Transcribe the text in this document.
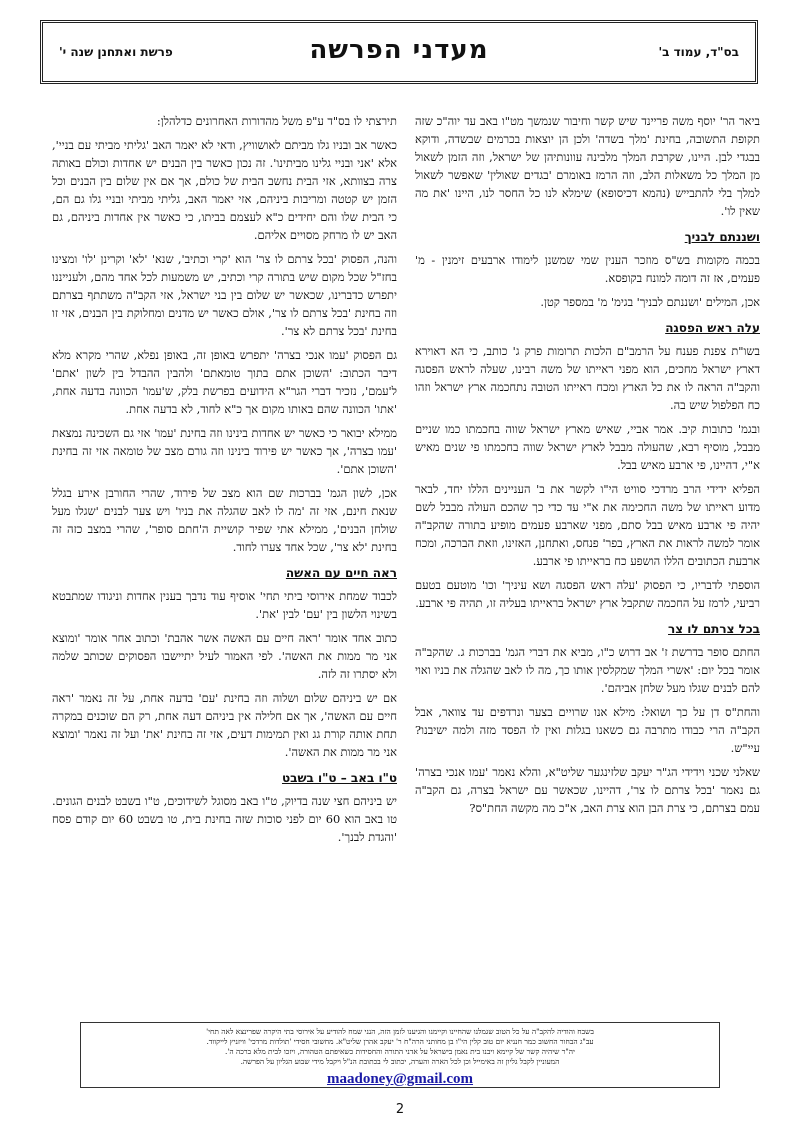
בס"ד, עמוד ב'
מעדני הפרשה
פרשת ואתחנן שנה י'

ביאר הר' יוסף משה פריינד שיש קשר וחיבור שנמשך מט"ו באב עד יוה"כ שזה תקופת התשובה, בחינת 'מלך בשדה' ולכן הן יוצאות בכרמים שבשדה, ודוקא בבגדי לבן. היינו, שקרבת המלך מלבינה עוונותיהן של ישראל, וזה הזמן לשאול מן המלך כל משאלות הלב, וזה הרמז באומרם 'בגדים שאולין' שאפשר לשאול למלך בלי להתבייש (נהמא דכיסופא) שימלא לנו כל החסר לנו, היינו 'את מה שאין לו'.

ושננתם לבניך

בכמה מקומות בש"ס מוזכר הענין שמי שמשנן לימודו ארבעים זימנין - מ' פעמים, אז זה דומה למונח בקופסא.

אכן, המילים 'ושננתם לבניך' בגימ' מ' במספר קטן.

עלה ראש הפסגה

בשו"ת צפנת פענח על הרמב"ם הלכות תרומות פרק ג' כותב, כי הא דאוירא דארץ ישראל מחכים, הוא מפני ראייתו של משה רבינו, שעלה לראש הפסגה והקב"ה הראה לו את כל הארץ ומכח ראייתו הטובה נתחכמה ארץ ישראל וזהו כח הפלפול שיש בה.

ובגמ' כתובות קיב. אמר אביי, שאיש מארץ ישראל שווה בחכמתו כמו שניים מבבל, מוסיף רבא, שהעולה מבבל לארץ ישראל שווה בחכמתו פי שנים מאיש א"י, דהיינו, פי ארבע מאיש בבל.

הפליא ידידי הרב מרדכי סוויט הי"ו לקשר את ב' העניינים הללו יחד, לבאר מדוע ראייתו של משה החכימה את א"י עד כדי כך שהכם העולה מבבל לשם יהיה פי ארבע מאיש בבל סתם, מפני שארבע פעמים מופיע בתורה שהקב"ה אומר למשה לראות את הארץ, בפר' פנחס, ואתחנן, האזינו, וזאת הברכה, ומכח ארבעת הכתובים הללו הושפע כח בראייתו פי ארבע.

הוספתי לדבריו, כי הפסוק 'עלה ראש הפסגה ושא עיניך' וכו' מוטעם בטעם רביעי, לרמז על החכמה שתקבל ארץ ישראל בראייתו בעליה זו, תהיה פי ארבע.

בכל צרתם לו צר

החתם סופר בדרשת ז' אב דרוש כ"ו, מביא את דברי הגמ' בברכות ג. שהקב"ה אומר בכל יום: 'אשרי המלך שמקלסין אותו כך, מה לו לאב שהגלה את בניו ואוי להם לבנים שגלו מעל שלחן אביהם'.

והחת"ס דן על כך ושואל: מילא אנו שרויים בצער ונרדפים עד צוואר, אבל הקב"ה הרי כבודו מתרבה גם כשאנו בגלות ואין לו הפסד מזה ולמה ישיבנו? עיי"ש.

שאלני שכני וידידי הג"ר יעקב שלזינגער שליט"א, והלא נאמר 'עמו אנכי בצרה' גם נאמר 'בכל צרתם לו צר', דהיינו, שכאשר עם ישראל בצרה, גם הקב"ה עמם בצרתם, כי צרת הבן הוא צרת האב, א"כ מה מקשה החת"ס?

תירצתי לו בס"ד ע"פ משל מהדורות האחרונים כדלהלן:

כאשר אב ובניו גלו מביתם לאושוויץ, ודאי לא יאמר האב 'גליתי מביתי עם בניי', אלא 'אני ובניי גלינו מביתינו'. זה נכון כאשר בין הבנים יש אחדות וכולם באותה צרה בצוותא, אזי הבית נחשב הבית של כולם, אך אם אין שלום בין הבנים וכל הזמן יש קטטה ומריבות ביניהם, אזי יאמר האב, גליתי מביתי ובניי גלו גם הם, כי הבית שלו והם יחידים כ"א לעצמם בביתו, כי כאשר אין אחדות ביניהם, גם האב יש לו מרחק מסויים אליהם.

והנה, הפסוק 'בכל צרתם לו צר' הוא 'קרי וכתיב', שנא' 'לא' וקרינן 'לו' ומצינו בחז"ל שכל מקום שיש בתורה קרי וכתיב, יש משמעות לכל אחד מהם, ולענייננו יתפרש כדברינו, שכאשר יש שלום בין בני ישראל, אזי הקב"ה משתתף בצרתם וזה בחינת 'בכל צרתם לו צר', אולם כאשר יש מדנים ומחלוקת בין הבנים, אזי זו בחינת 'בכל צרתם לא צר'.

גם הפסוק 'עמו אנכי בצרה' יתפרש באופן זה, באופן נפלא, שהרי מקרא מלא דיבר הכתוב: 'השוכן אתם בתוך טומאתם' ולהבין ההבדל בין לשון 'אתם' ל'עמם', נזכיר דברי הגר"א הידועים בפרשת בלק, ש'עמו' הכוונה בדעה אחת, 'אתו' הכוונה שהם באותו מקום אך כ"א לחוד, לא בדעה אחת.

ממילא יבואר כי כאשר יש אחדות בינינו וזה בחינת 'עמו' אזי גם השכינה נמצאת 'עמו בצרה', אך כאשר יש פירוד בינינו וזה גורם מצב של טומאה אזי זה בחינת 'השוכן אתם'.

אכן, לשון הגמ' בברכות שם הוא מצב של פירוד, שהרי החורבן אירע בגלל שנאת חינם, אזי זה 'מה לו לאב שהגלה את בניו' ויש צער לבנים 'שגלו מעל שולחן הבנים', ממילא אתי שפיר קושיית ה'חתם סופר', שהרי במצב כזה זה בחינת 'לא צר', שכל אחד צערו לחוד.

ראה חיים עם האשה

לכבוד שמחת אירוסי ביתי תחי' אוסיף עוד נדבך בענין אחדות וניגודו שמתבטא בשינוי הלשון בין 'עם' לבין 'את'.

כתוב אחד אומר 'ראה חיים עם האשה אשר אהבת' וכתוב אחר אומר 'ומוצא אני מר ממות את האשה'. לפי האמור לעיל יתיישבו הפסוקים שכותב שלמה ולא יסתרו זה לזה.

אם יש ביניהם שלום ושלוה וזה בחינת 'עם' בדעה אחת, על זה נאמר 'ראה חיים עם האשה', אך אם חלילה אין ביניהם דעה אחת, רק הם שוכנים במקרה תחת אותה קורת גג ואין תמימות דעים, אזי זה בחינת 'את' ועל זה נאמר 'ומוצא אני מר ממות את האשה'.

ט"ו באב – ט"ו בשבט

יש ביניהם חצי שנה בדיוק, ט"ו באב מסוגל לשידוכים, ט"ו בשבט לבנים הגונים. טו באב הוא 60 יום לפני סוכות שזה בחינת בית, טו בשבט 60 יום קודם פסח 'והגדת לבנך'.

בשבח והודיה להקב"ה על כל הטוב שגמלנו שהחיינו וקיימנו והגיענו לזמן הזה, הנני שמח להודיע על אירוסי בתי היקרה שפרינצא לאה תחי'

עב"ג הבחור החשוב כמר חנניא יום טוב קלין הי"ו בן מחותני הרה"ח ר' יעקב אהרן שליט"א. מחשובי חסידי 'תולדות מרדכי' וויזניץ לייקווד.

יה"ר שיהיה קשר של קיימא ויבנו בית נאמן בישראל על אדני התורה והחסידות כשאיפתם הטהורה, ויזכו לבית מלא ברכה ה'.

המעוניין לקבל גליון זה באימייל וכן לכל הארה והערה, יכתוב לי בכתובת הנ"ל ויקבל מידי שבוע הגליון על הפרשה.

maadoney@gmail.com
2
